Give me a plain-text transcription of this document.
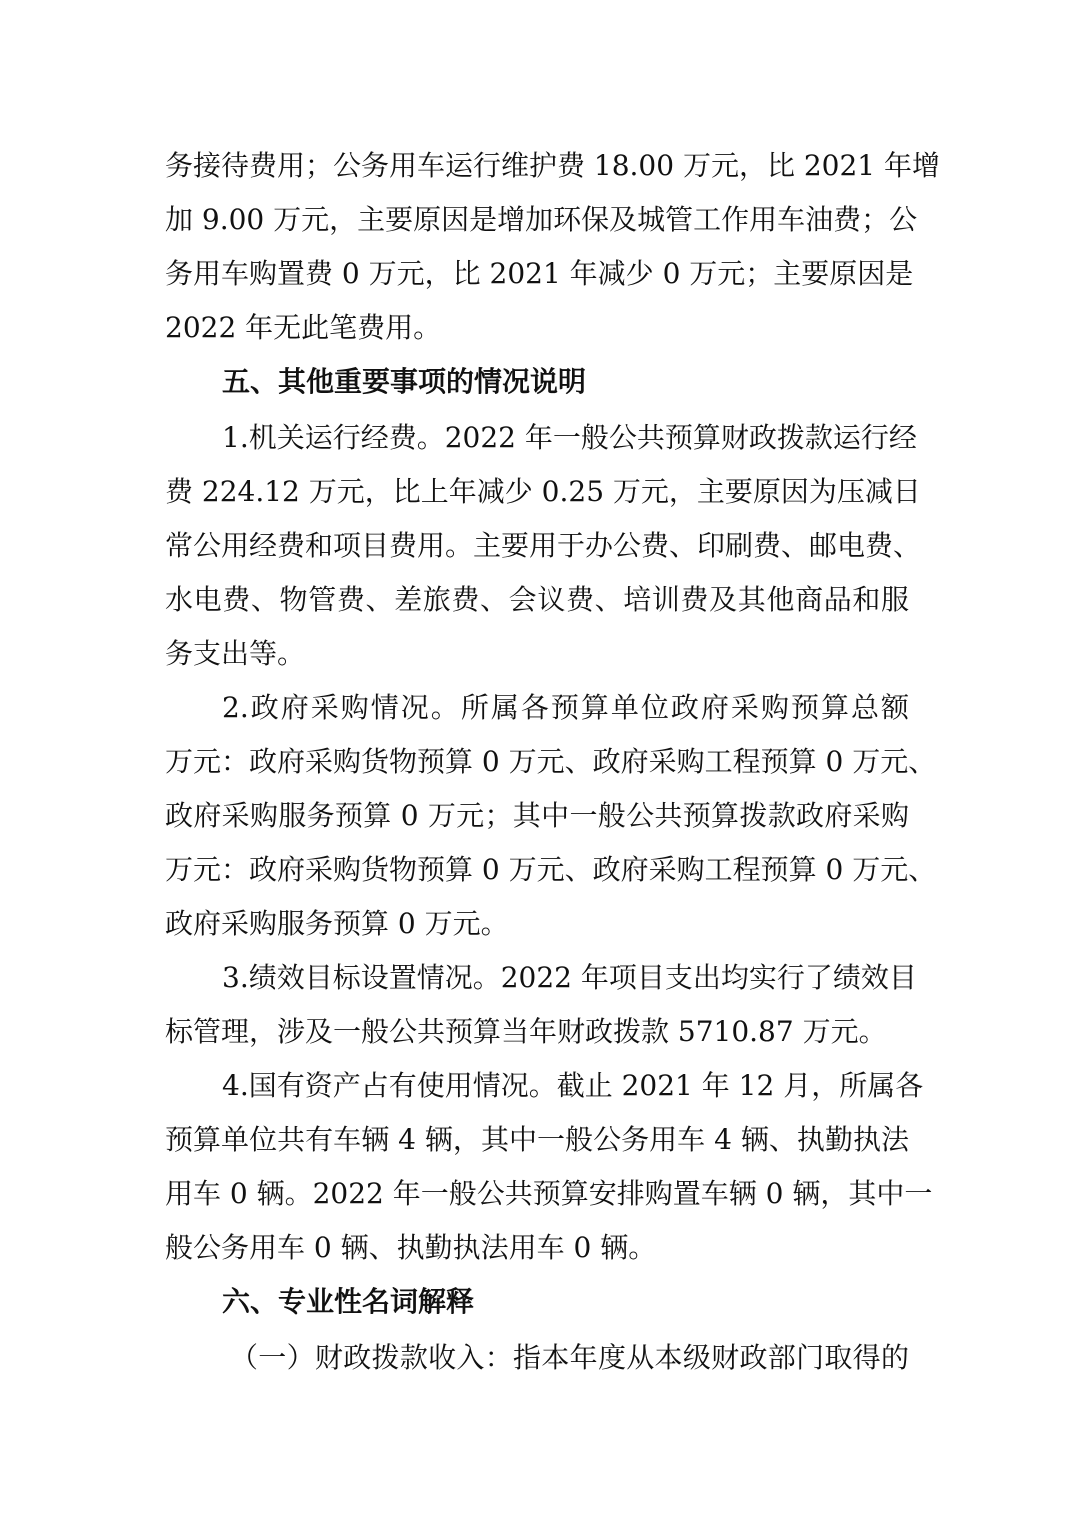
务接待费用；公务用车运行维护费 18.00 万元，比 2021 年增

加 9.00 万元，主要原因是增加环保及城管工作用车油费；公

务用车购置费 0 万元，比 2021 年减少 0 万元；主要原因是

2022 年无此笔费用。

五、其他重要事项的情况说明

1.机关运行经费。2022 年一般公共预算财政拨款运行经

费 224.12 万元，比上年减少 0.25 万元，主要原因为压减日

常公用经费和项目费用。主要用于办公费、印刷费、邮电费、

水电费、物管费、差旅费、会议费、培训费及其他商品和服

务支出等。

2.政府采购情况。所属各预算单位政府采购预算总额

万元：政府采购货物预算 0 万元、政府采购工程预算 0 万元、

政府采购服务预算 0 万元；其中一般公共预算拨款政府采购

万元：政府采购货物预算 0 万元、政府采购工程预算 0 万元、

政府采购服务预算 0 万元。

3.绩效目标设置情况。2022 年项目支出均实行了绩效目

标管理，涉及一般公共预算当年财政拨款 5710.87 万元。

4.国有资产占有使用情况。截止 2021 年 12 月，所属各

预算单位共有车辆 4 辆，其中一般公务用车 4 辆、执勤执法

用车 0 辆。2022 年一般公共预算安排购置车辆 0 辆，其中一

般公务用车 0 辆、执勤执法用车 0 辆。

六、专业性名词解释

（一）财政拨款收入：指本年度从本级财政部门取得的
